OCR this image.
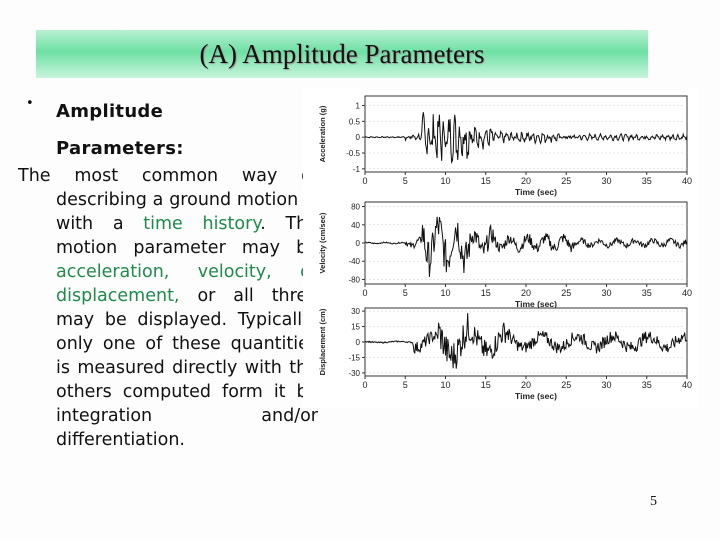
(A) Amplitude Parameters
• Amplitude Parameters:
The most common way of describing a ground motion is with a time history. The motion parameter may be acceleration, velocity, or displacement, or all three may be displayed. Typically, only one of these quantities is measured directly with the others computed form it by integration and/or differentiation.
1
0.5
0
-0.5
-1
0	5	10	15	20	25	30	35	40
Time (sec)
Acceleration (g)
80
40
0
-40
-80
0	5	10	15	20	25	30	35	40
Time (sec)
Velocity (cm/sec)
30
15
0
-15
-30
0	5	10	15	20	25	30	35	40
Time (sec)
Displacement (cm)
5
